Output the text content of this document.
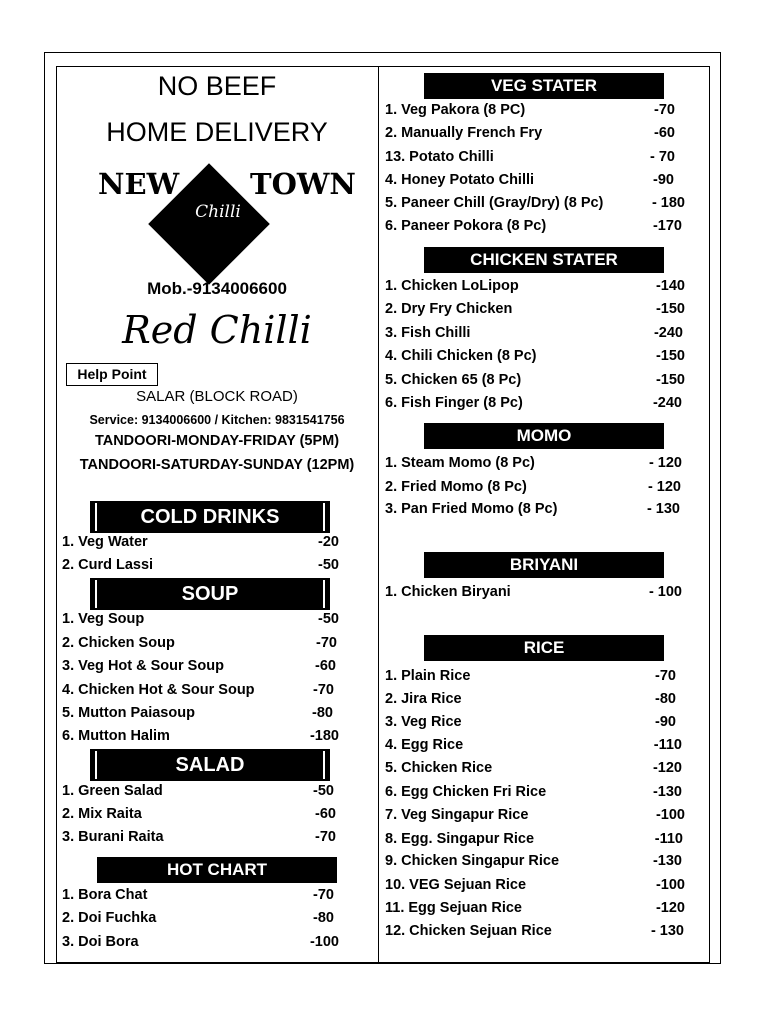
NO BEEF
HOME DELIVERY
NEW TOWN
Chilli
Mob.-9134006600
Red Chilli
Help Point
SALAR (BLOCK ROAD)
Service: 9134006600 / Kitchen: 9831541756
TANDOORI-MONDAY-FRIDAY (5PM)
TANDOORI-SATURDAY-SUNDAY (12PM)
COLD DRINKS
1. Veg Water	-20
2. Curd Lassi	-50
SOUP
1. Veg Soup	-50
2. Chicken Soup	-70
3. Veg Hot & Sour Soup	-60
4. Chicken Hot & Sour Soup	-70
5. Mutton Paiasoup	-80
6. Mutton Halim	-180
SALAD
1. Green Salad	-50
2. Mix Raita	-60
3. Burani Raita	-70
HOT CHART
1. Bora Chat	-70
2. Doi Fuchka	-80
3. Doi Bora	-100
VEG STATER
1. Veg Pakora (8 PC)	-70
2. Manually French Fry	-60
13. Potato Chilli	- 70
4. Honey Potato Chilli	-90
5. Paneer Chill (Gray/Dry) (8 Pc)	- 180
6. Paneer Pokora (8 Pc)	-170
CHICKEN STATER
1. Chicken LoLipop	-140
2. Dry Fry Chicken	-150
3. Fish Chilli	-240
4. Chili Chicken (8 Pc)	-150
5. Chicken 65 (8 Pc)	-150
6. Fish Finger (8 Pc)	-240
MOMO
1. Steam Momo (8 Pc)	- 120
2. Fried Momo (8 Pc)	- 120
3. Pan Fried Momo (8 Pc)	- 130
BRIYANI
1. Chicken Biryani	- 100
RICE
1. Plain Rice	-70
2. Jira Rice	-80
3. Veg Rice	-90
4. Egg Rice	-110
5. Chicken Rice	-120
6. Egg Chicken Fri Rice	-130
7. Veg Singapur Rice	-100
8. Egg. Singapur Rice	-110
9. Chicken Singapur Rice	-130
10. VEG Sejuan Rice	-100
11. Egg Sejuan Rice	-120
12. Chicken Sejuan Rice	- 130
